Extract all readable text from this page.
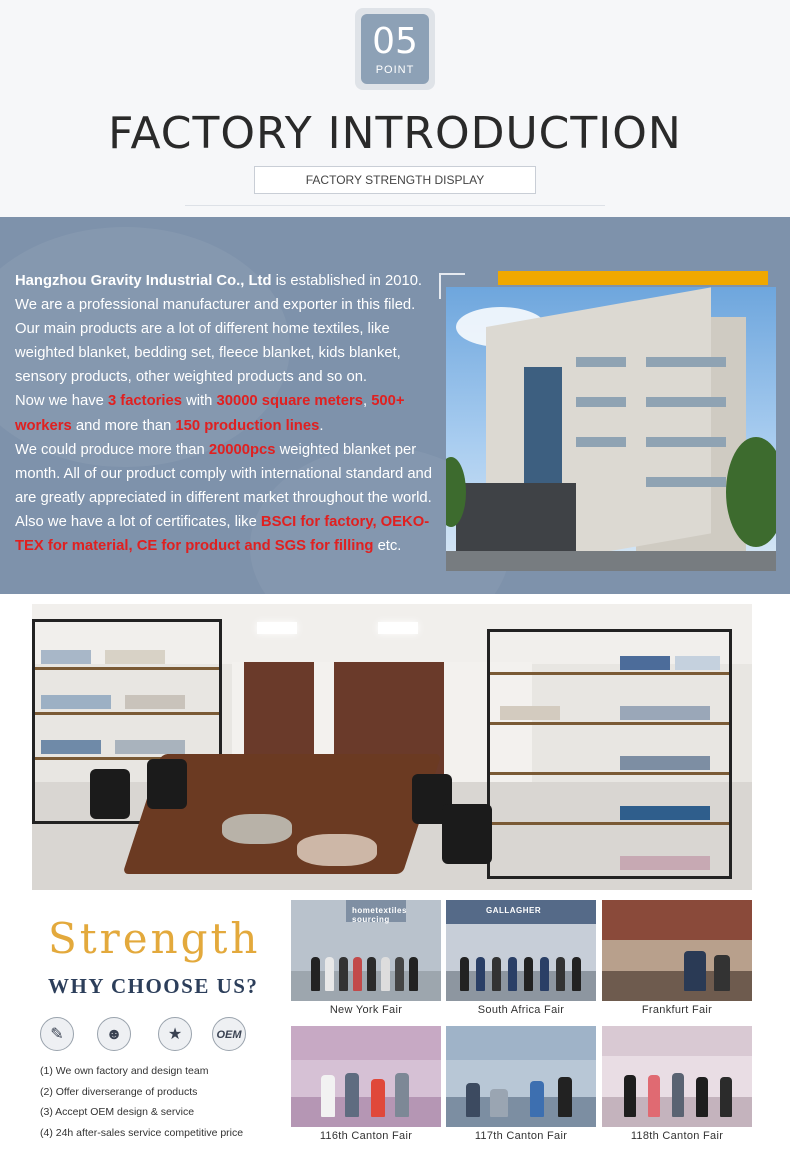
05
POINT
FACTORY INTRODUCTION
FACTORY STRENGTH DISPLAY
Hangzhou Gravity Industrial Co., Ltd is established in 2010.
We are a professional manufacturer and exporter in this filed.
Our main products are a lot of different home textiles, like weighted blanket, bedding set, fleece blanket, kids blanket, sensory products, other weighted products and so on.
Now we have 3 factories with 30000 square meters, 500+ workers and more than 150 production lines.
We could produce more than 20000pcs weighted blanket per month. All of our product comply with international standard and are greatly appreciated in different market throughout the world.
Also we have a lot of certificates, like BSCI for factory, OEKO-TEX for material, CE for product and SGS for filling etc.
Strength
WHY CHOOSE US?
✎	☻	★	OEM
(1) We own factory and design team
(2) Offer diverserange of products
(3) Accept OEM design & service
(4) 24h after-sales service competitive price
hometextiles sourcing
New York Fair
GALLAGHER
South Africa Fair	Frankfurt Fair
116th Canton Fair	117th Canton Fair	118th Canton Fair
